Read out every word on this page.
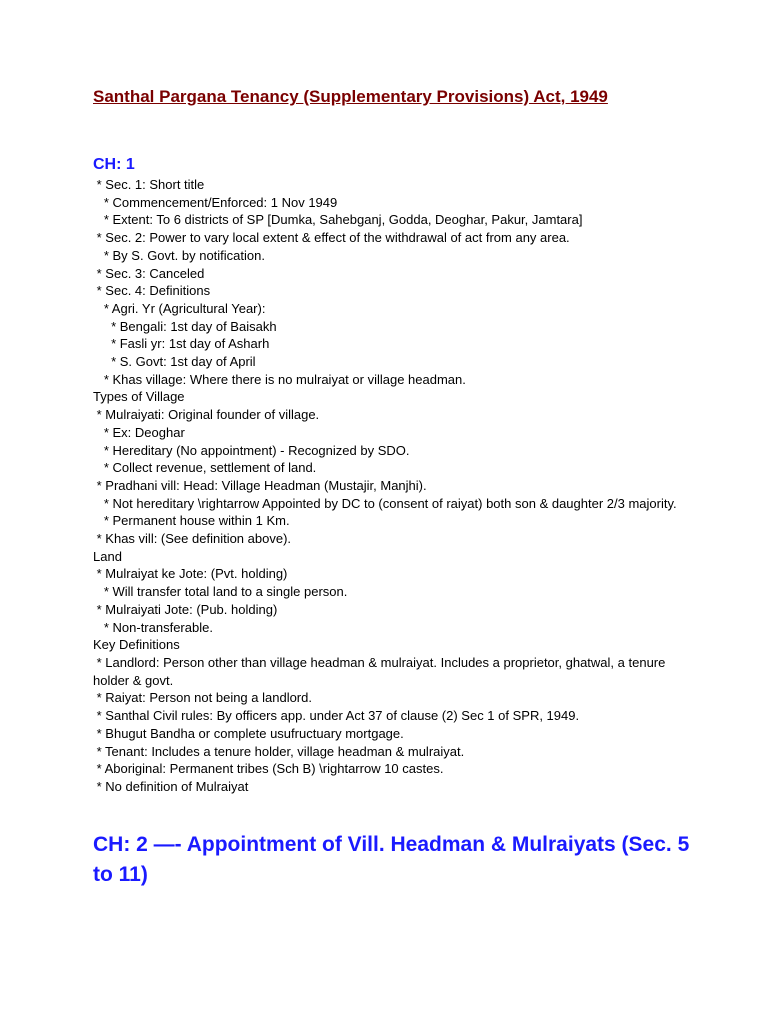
Santhal Pargana Tenancy (Supplementary Provisions) Act, 1949
CH: 1
* Sec. 1: Short title
* Commencement/Enforced: 1 Nov 1949
* Extent: To 6 districts of SP [Dumka, Sahebganj, Godda, Deoghar, Pakur, Jamtara]
* Sec. 2: Power to vary local extent & effect of the withdrawal of act from any area.
* By S. Govt. by notification.
* Sec. 3: Canceled
* Sec. 4: Definitions
* Agri. Yr (Agricultural Year):
* Bengali: 1st day of Baisakh
* Fasli yr: 1st day of Asharh
* S. Govt: 1st day of April
* Khas village: Where there is no mulraiyat or village headman.
Types of Village
* Mulraiyati: Original founder of village.
* Ex: Deoghar
* Hereditary (No appointment) - Recognized by SDO.
* Collect revenue, settlement of land.
* Pradhani vill: Head: Village Headman (Mustajir, Manjhi).
* Not hereditary \rightarrow Appointed by DC to (consent of raiyat) both son & daughter 2/3 majority.
* Permanent house within 1 Km.
* Khas vill: (See definition above).
Land
* Mulraiyat ke Jote: (Pvt. holding)
* Will transfer total land to a single person.
* Mulraiyati Jote: (Pub. holding)
* Non-transferable.
Key Definitions
* Landlord: Person other than village headman & mulraiyat. Includes a proprietor, ghatwal, a tenure holder & govt.
* Raiyat: Person not being a landlord.
* Santhal Civil rules: By officers app. under Act 37 of clause (2) Sec 1 of SPR, 1949.
* Bhugut Bandha or complete usufructuary mortgage.
* Tenant: Includes a tenure holder, village headman & mulraiyat.
* Aboriginal: Permanent tribes (Sch B) \rightarrow 10 castes.
* No definition of Mulraiyat
CH: 2 —- Appointment of Vill. Headman & Mulraiyats (Sec. 5 to 11)
